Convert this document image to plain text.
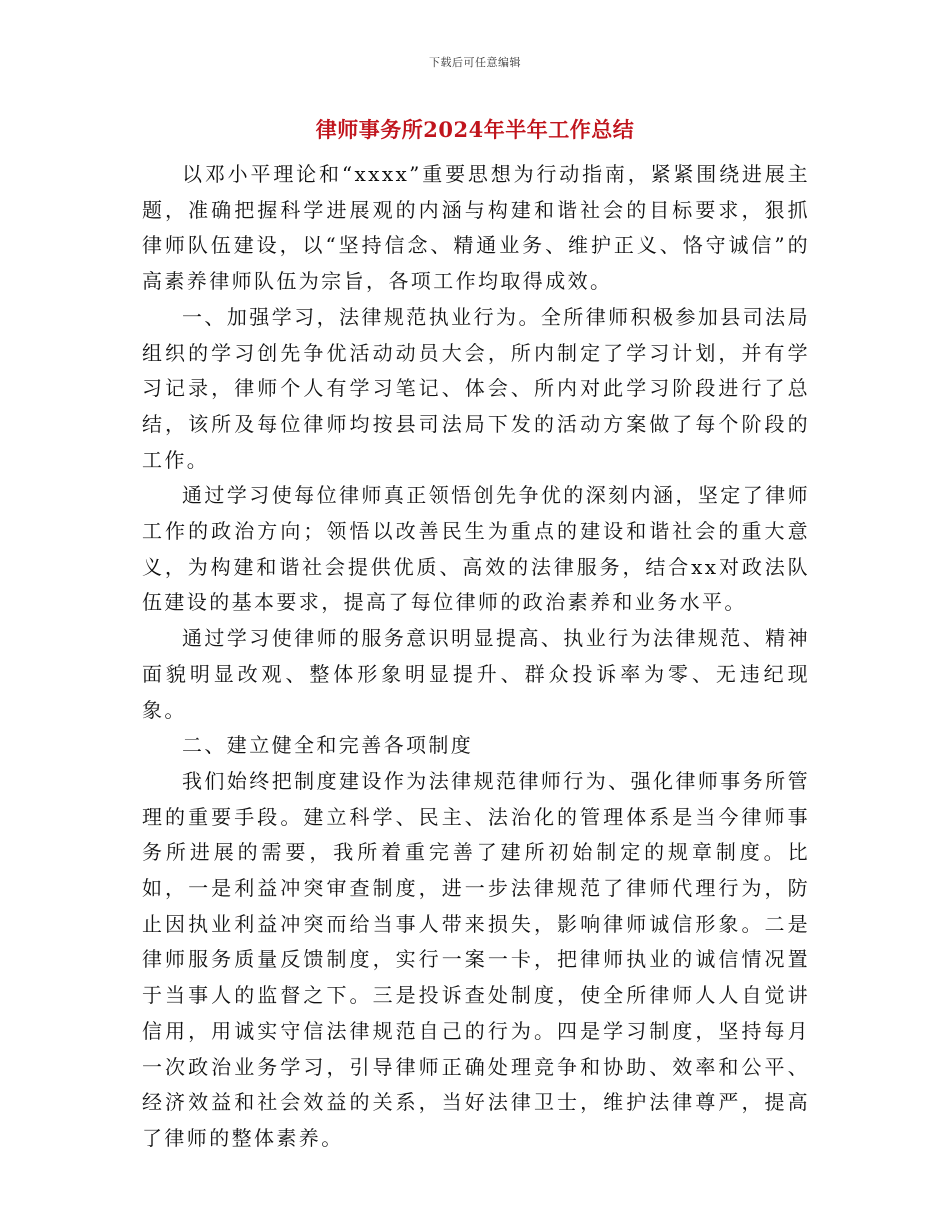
下载后可任意编辑
律师事务所2024年半年工作总结

以邓小平理论和“xxxx”重要思想为行动指南，紧紧围绕进展主题，准确把握科学进展观的内涵与构建和谐社会的目标要求，狠抓律师队伍建设，以“坚持信念、精通业务、维护正义、恪守诚信”的高素养律师队伍为宗旨，各项工作均取得成效。

一、加强学习，法律规范执业行为。全所律师积极参加县司法局组织的学习创先争优活动动员大会，所内制定了学习计划，并有学习记录，律师个人有学习笔记、体会、所内对此学习阶段进行了总结，该所及每位律师均按县司法局下发的活动方案做了每个阶段的工作。

通过学习使每位律师真正领悟创先争优的深刻内涵，坚定了律师工作的政治方向；领悟以改善民生为重点的建设和谐社会的重大意义，为构建和谐社会提供优质、高效的法律服务，结合xx对政法队伍建设的基本要求，提高了每位律师的政治素养和业务水平。

通过学习使律师的服务意识明显提高、执业行为法律规范、精神面貌明显改观、整体形象明显提升、群众投诉率为零、无违纪现象。

二、建立健全和完善各项制度

我们始终把制度建设作为法律规范律师行为、强化律师事务所管理的重要手段。建立科学、民主、法治化的管理体系是当今律师事务所进展的需要，我所着重完善了建所初始制定的规章制度。比如，一是利益冲突审查制度，进一步法律规范了律师代理行为，防止因执业利益冲突而给当事人带来损失，影响律师诚信形象。二是律师服务质量反馈制度，实行一案一卡，把律师执业的诚信情况置于当事人的监督之下。三是投诉查处制度，使全所律师人人自觉讲信用，用诚实守信法律规范自己的行为。四是学习制度，坚持每月一次政治业务学习，引导律师正确处理竞争和协助、效率和公平、经济效益和社会效益的关系，当好法律卫士，维护法律尊严，提高了律师的整体素养。
